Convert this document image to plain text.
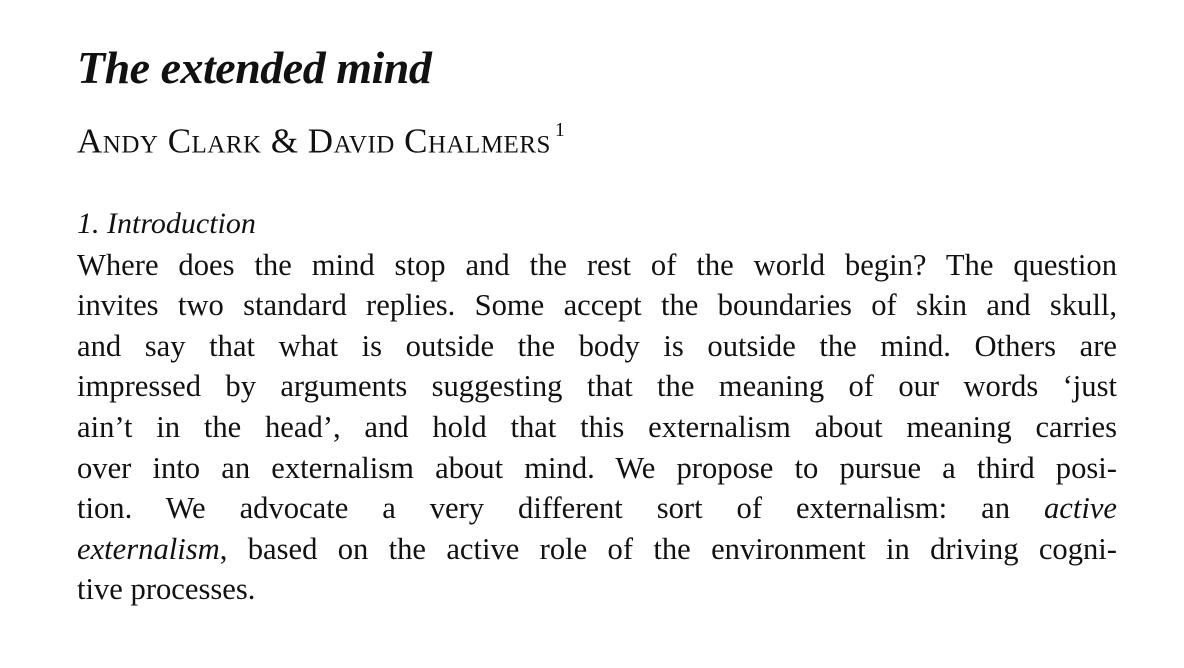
The extended mind
Andy Clark & David Chalmers $^1$
1. Introduction
Where does the mind stop and the rest of the world begin? The question
invites two standard replies. Some accept the boundaries of skin and skull,
and say that what is outside the body is outside the mind. Others are
impressed by arguments suggesting that the meaning of our words ‘just
ain’t in the head’, and hold that this externalism about meaning carries
over into an externalism about mind. We propose to pursue a third posi-
tion. We advocate a very different sort of externalism: an active
externalism, based on the active role of the environment in driving cogni-
tive processes.
